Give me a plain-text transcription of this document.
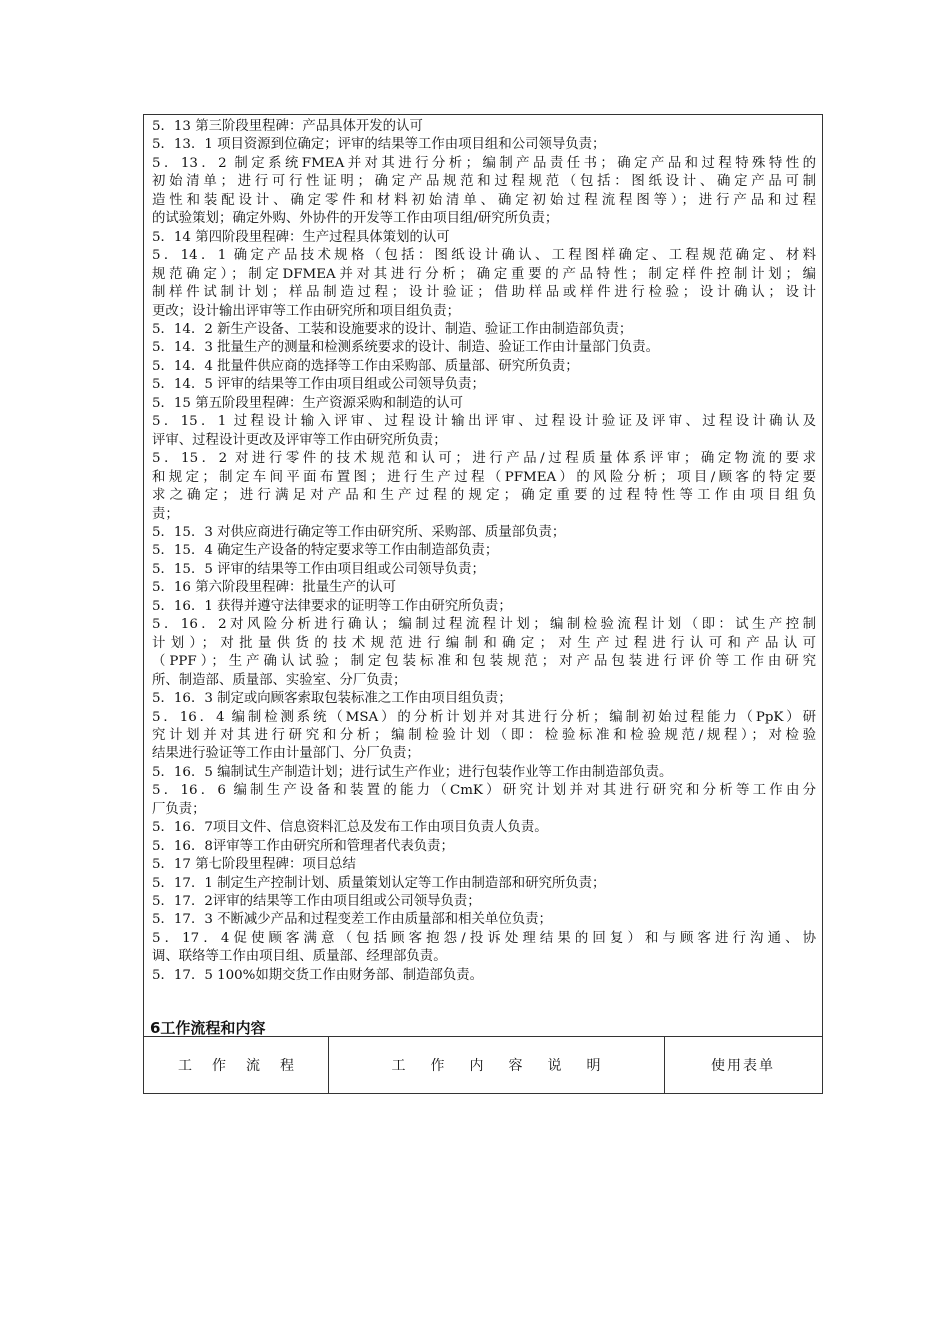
5．13 第三阶段里程碑：产品具体开发的认可
5．13．1 项目资源到位确定；评审的结果等工作由项目组和公司领导负责；
5．13．2 制定系统FMEA并对其进行分析；编制产品责任书；确定产品和过程特殊特性的
初始清单；进行可行性证明；确定产品规范和过程规范（包括：图纸设计、确定产品可制
造性和装配设计、确定零件和材料初始清单、确定初始过程流程图等）；进行产品和过程
的试验策划；确定外购、外协件的开发等工作由项目组/研究所负责；
5．14 第四阶段里程碑：生产过程具体策划的认可
5．14．1 确定产品技术规格（包括：图纸设计确认、工程图样确定、工程规范确定、材料
规范确定）；制定DFMEA并对其进行分析；确定重要的产品特性；制定样件控制计划；编
制样件试制计划；样品制造过程；设计验证；借助样品或样件进行检验；设计确认；设计
更改；设计输出评审等工作由研究所和项目组负责；
5．14．2 新生产设备、工装和设施要求的设计、制造、验证工作由制造部负责；
5．14．3 批量生产的测量和检测系统要求的设计、制造、验证工作由计量部门负责。
5．14．4 批量件供应商的选择等工作由采购部、质量部、研究所负责；
5．14．5 评审的结果等工作由项目组或公司领导负责；
5．15 第五阶段里程碑：生产资源采购和制造的认可
5．15．1 过程设计输入评审、过程设计输出评审、过程设计验证及评审、过程设计确认及
评审、过程设计更改及评审等工作由研究所负责；
5．15．2 对进行零件的技术规范和认可；进行产品/过程质量体系评审；确定物流的要求
和规定；制定车间平面布置图；进行生产过程（PFMEA）的风险分析；项目/顾客的特定要
求之确定；进行满足对产品和生产过程的规定；确定重要的过程特性等工作由项目组负
责；
5．15．3 对供应商进行确定等工作由研究所、采购部、质量部负责；
5．15．4 确定生产设备的特定要求等工作由制造部负责；
5．15．5 评审的结果等工作由项目组或公司领导负责；
5．16 第六阶段里程碑：批量生产的认可
5．16．1 获得并遵守法律要求的证明等工作由研究所负责；
5．16．2对风险分析进行确认；编制过程流程计划；编制检验流程计划（即：试生产控制
计划）；对批量供货的技术规范进行编制和确定；对生产过程进行认可和产品认可
（PPF）；生产确认试验；制定包装标准和包装规范；对产品包装进行评价等工作由研究
所、制造部、质量部、实验室、分厂负责；
5．16．3 制定或向顾客索取包装标准之工作由项目组负责；
5．16．4 编制检测系统（MSA）的分析计划并对其进行分析；编制初始过程能力（PpK）研
究计划并对其进行研究和分析；编制检验计划（即：检验标准和检验规范/规程）；对检验
结果进行验证等工作由计量部门、分厂负责；
5．16．5 编制试生产制造计划；进行试生产作业；进行包装作业等工作由制造部负责。
5．16．6 编制生产设备和装置的能力（CmK）研究计划并对其进行研究和分析等工作由分
厂负责；
5．16．7项目文件、信息资料汇总及发布工作由项目负责人负责。
5．16．8评审等工作由研究所和管理者代表负责；
5．17 第七阶段里程碑：项目总结
5．17．1 制定生产控制计划、质量策划认定等工作由制造部和研究所负责；
5．17．2评审的结果等工作由项目组或公司领导负责；
5．17．3 不断减少产品和过程变差工作由质量部和相关单位负责；
5．17．4促使顾客满意（包括顾客抱怨/投诉处理结果的回复）和与顾客进行沟通、协
调、联络等工作由项目组、质量部、经理部负责。
5．17．5 100%如期交货工作由财务部、制造部负责。
6工作流程和内容
工作流程	工作内容说明	使用表单
